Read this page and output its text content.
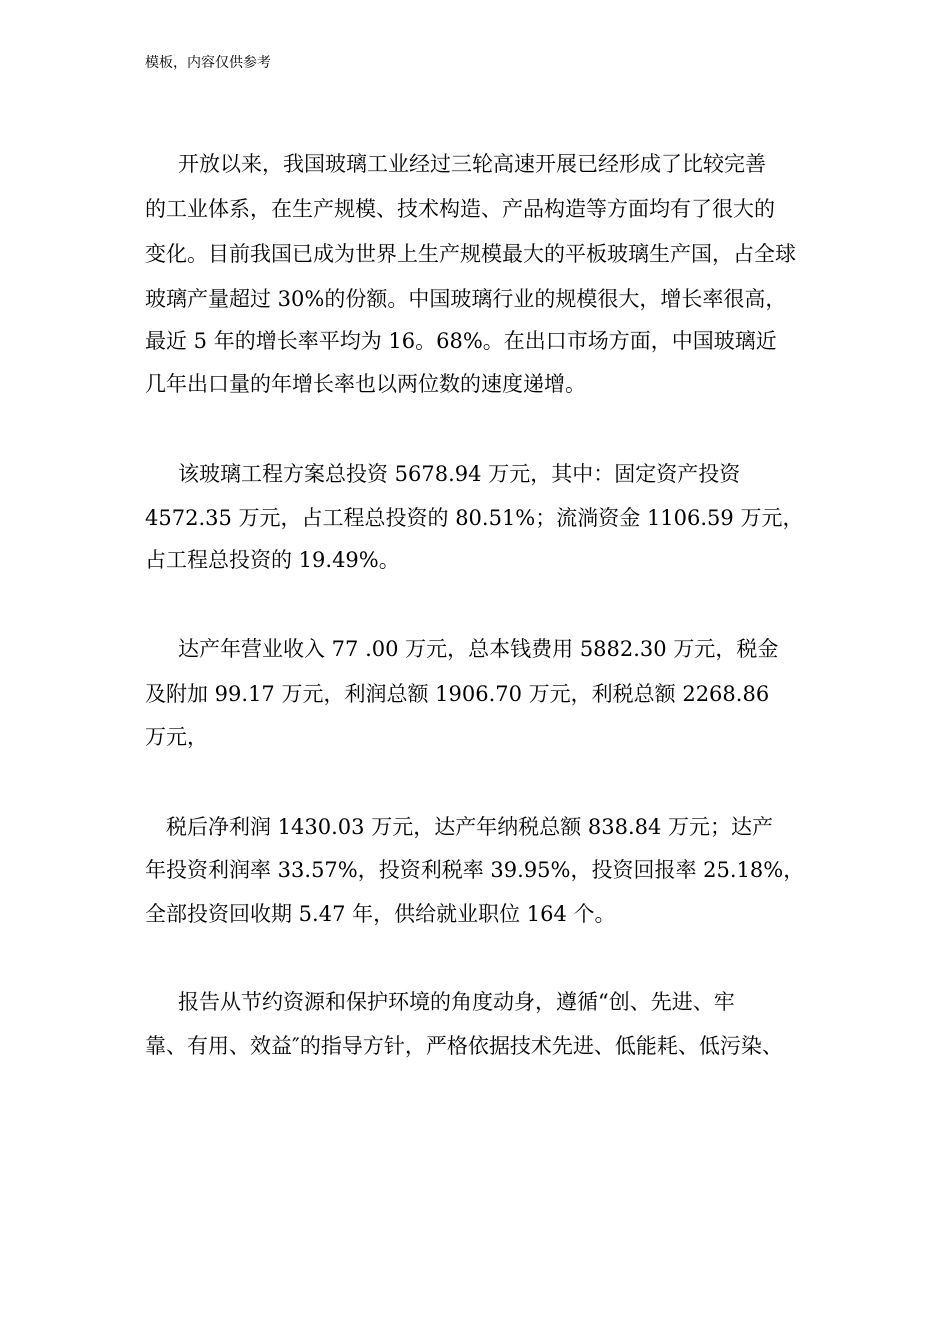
模板，内容仅供参考
开放以来，我国玻璃工业经过三轮高速开展已经形成了比较完善
的工业体系，在生产规模、技术构造、产品构造等方面均有了很大的
变化。目前我国已成为世界上生产规模最大的平板玻璃生产国，占全球
玻璃产量超过 30%的份额。中国玻璃行业的规模很大，增长率很高，
最近 5 年的增长率平均为 16。68%。在出口市场方面，中国玻璃近
几年出口量的年增长率也以两位数的速度递增。
该玻璃工程方案总投资 5678.94 万元，其中：固定资产投资
4572.35 万元，占工程总投资的 80.51%；流淌资金 1106.59 万元，
占工程总投资的 19.49%。
达产年营业收入 77 .00 万元，总本钱费用 5882.30 万元，税金
及附加 99.17 万元，利润总额 1906.70 万元，利税总额 2268.86
万元，
税后净利润 1430.03 万元，达产年纳税总额 838.84 万元；达产
年投资利润率 33.57%，投资利税率 39.95%，投资回报率 25.18%，
全部投资回收期 5.47 年，供给就业职位 164 个。
报告从节约资源和保护环境的角度动身，遵循“创、先进、牢
靠、有用、效益″的指导方针，严格依据技术先进、低能耗、低污染、
